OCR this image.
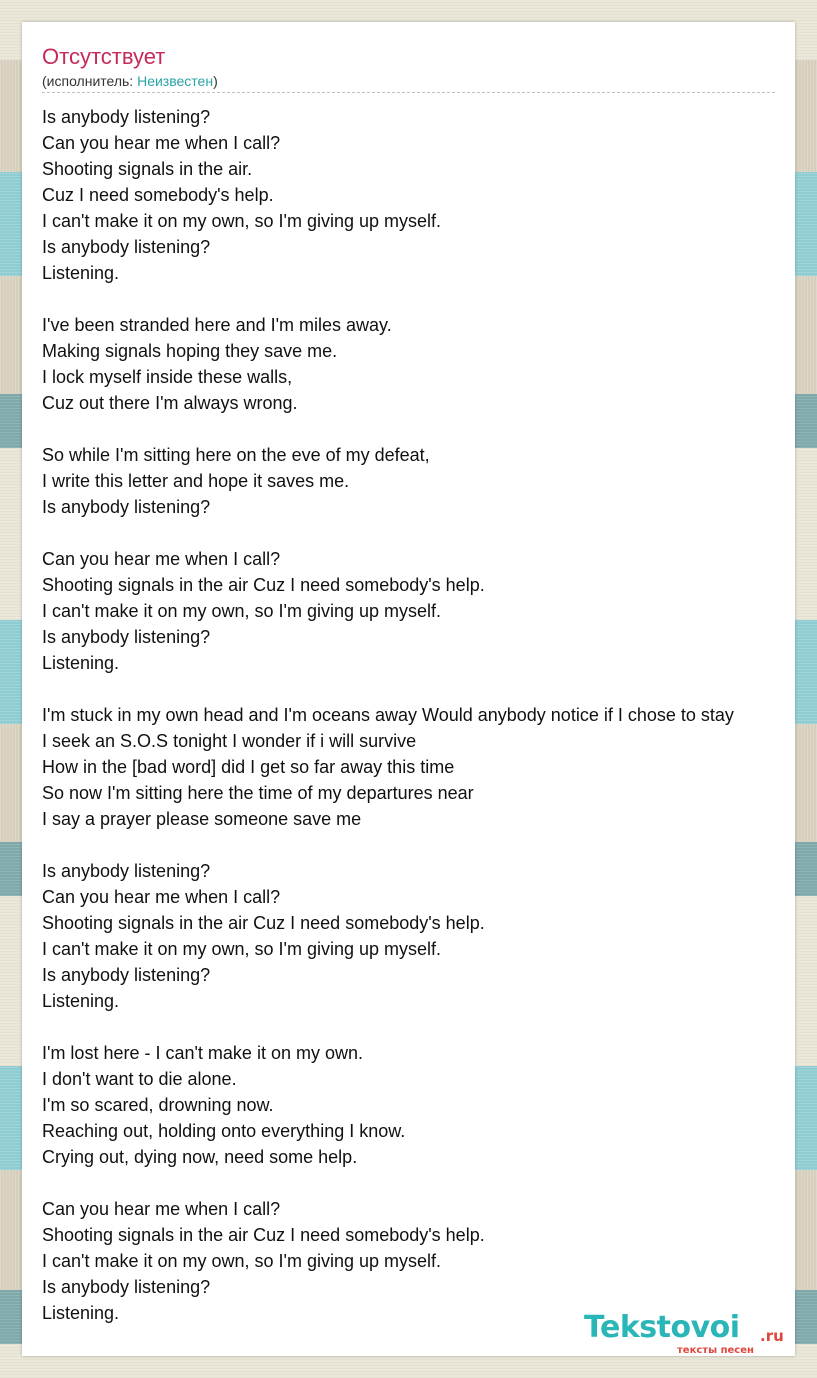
Отсутствует
(исполнитель: Неизвестен)
Is anybody listening?
Can you hear me when I call?
Shooting signals in the air.
Cuz I need somebody's help.
I can't make it on my own, so I'm giving up myself.
Is anybody listening?
Listening.
I've been stranded here and I'm miles away.
Making signals hoping they save me.
I lock myself inside these walls,
Cuz out there I'm always wrong.
So while I'm sitting here on the eve of my defeat,
I write this letter and hope it saves me.
Is anybody listening?
Can you hear me when I call?
Shooting signals in the air Cuz I need somebody's help.
I can't make it on my own, so I'm giving up myself.
Is anybody listening?
Listening.
I'm stuck in my own head and I'm oceans away Would anybody notice if I chose to stay
I seek an S.O.S tonight I wonder if i will survive
How in the [bad word] did I get so far away this time
So now I'm sitting here the time of my departures near
I say a prayer please someone save me
Is anybody listening?
Can you hear me when I call?
Shooting signals in the air Cuz I need somebody's help.
I can't make it on my own, so I'm giving up myself.
Is anybody listening?
Listening.
I'm lost here - I can't make it on my own.
I don't want to die alone.
I'm so scared, drowning now.
Reaching out, holding onto everything I know.
Crying out, dying now, need some help.
Can you hear me when I call?
Shooting signals in the air Cuz I need somebody's help.
I can't make it on my own, so I'm giving up myself.
Is anybody listening?
Listening.	Tekstovoi .ru
тексты песен
